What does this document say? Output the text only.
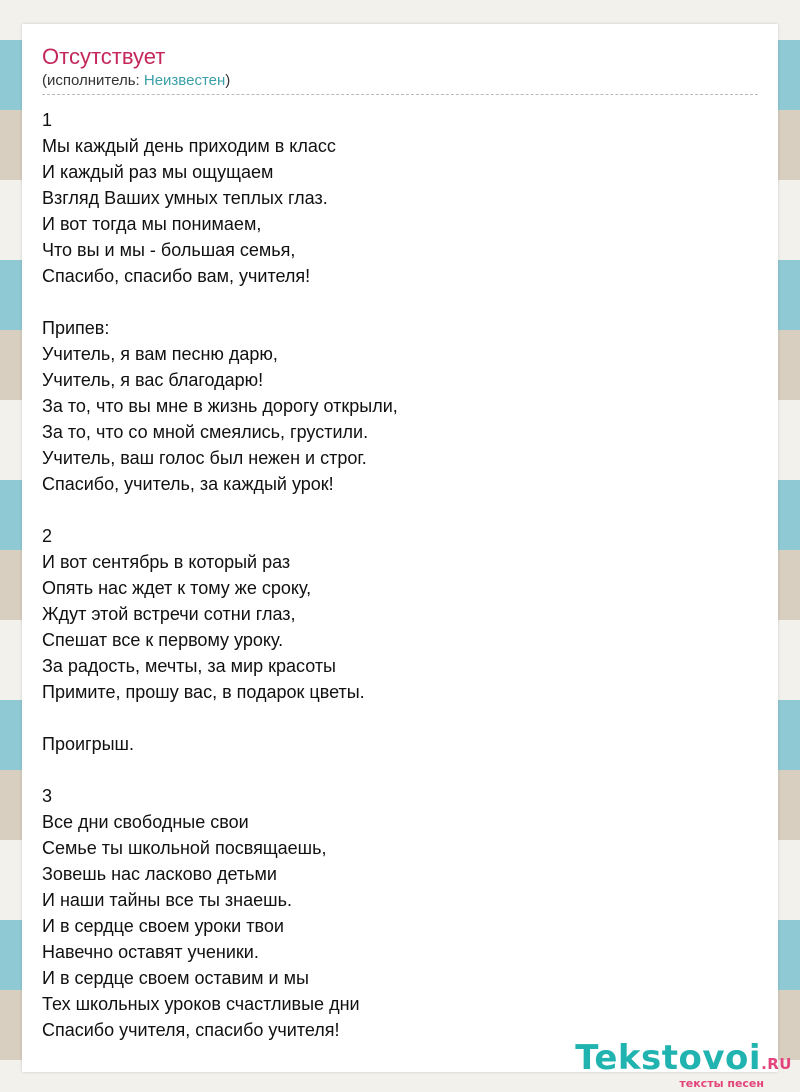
Отсутствует
(исполнитель: Неизвестен)
1
Мы каждый день приходим в класс
И каждый раз мы ощущаем
Взгляд Ваших умных теплых глаз.
И вот тогда мы понимаем,
Что вы и мы - большая семья,
Спасибо, спасибо вам, учителя!
Припев:
Учитель, я вам песню дарю,
Учитель, я вас благодарю!
За то, что вы мне в жизнь дорогу открыли,
За то, что со мной смеялись, грустили.
Учитель, ваш голос был нежен и строг.
Спасибо, учитель, за каждый урок!
2
И вот сентябрь в который раз
Опять нас ждет к тому же сроку,
Ждут этой встречи сотни глаз,
Спешат все к первому уроку.
За радость, мечты, за мир красоты
Примите, прошу вас, в подарок цветы.
Проигрыш.
3
Все дни свободные свои
Семье ты школьной посвящаешь,
Зовешь нас ласково детьми
И наши тайны все ты знаешь.
И в сердце своем уроки твои
Навечно оставят ученики.
И в сердце своем оставим и мы
Тех школьных уроков счастливые дни
Спасибо учителя, спасибо учителя!
Tekstovoi.RU
тексты песен
